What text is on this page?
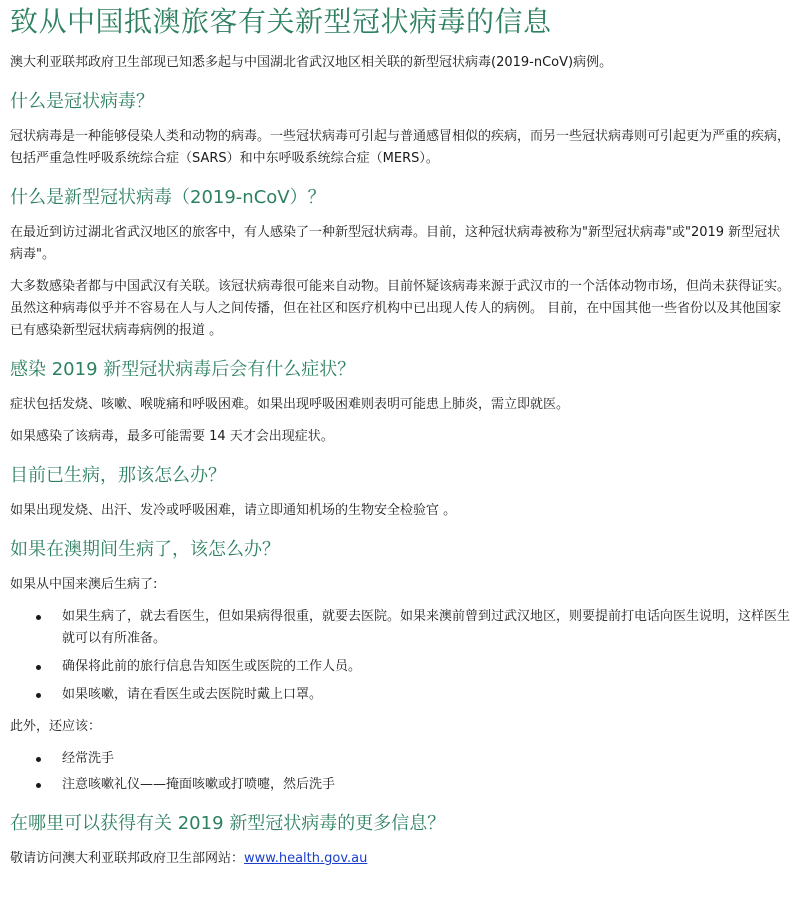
致从中国抵澳旅客有关新型冠状病毒的信息

澳大利亚联邦政府卫生部现已知悉多起与中国湖北省武汉地区相关联的新型冠状病毒(2019-nCoV)病例。

什么是冠状病毒？

冠状病毒是一种能够侵染人类和动物的病毒。一些冠状病毒可引起与普通感冒相似的疾病，而另一些冠状病毒则可引起更为严重的疾病，包括严重急性呼吸系统综合症（SARS）和中东呼吸系统综合症（MERS）。

什么是新型冠状病毒（2019-nCoV）？

在最近到访过湖北省武汉地区的旅客中，有人感染了一种新型冠状病毒。目前，这种冠状病毒被称为"新型冠状病毒"或"2019 新型冠状病毒"。

大多数感染者都与中国武汉有关联。该冠状病毒很可能来自动物。目前怀疑该病毒来源于武汉市的一个活体动物市场，但尚未获得证实。虽然这种病毒似乎并不容易在人与人之间传播，但在社区和医疗机构中已出现人传人的病例。 目前，在中国其他一些省份以及其他国家已有感染新型冠状病毒病例的报道 。

感染 2019 新型冠状病毒后会有什么症状？

症状包括发烧、咳嗽、喉咙痛和呼吸困难。如果出现呼吸困难则表明可能患上肺炎，需立即就医。

如果感染了该病毒，最多可能需要 14 天才会出现症状。

目前已生病，那该怎么办？

如果出现发烧、出汗、发冷或呼吸困难，请立即通知机场的生物安全检验官 。

如果在澳期间生病了，该怎么办？

如果从中国来澳后生病了:

如果生病了，就去看医生，但如果病得很重，就要去医院。如果来澳前曾到过武汉地区，则要提前打电话向医生说明，这样医生就可以有所准备。
确保将此前的旅行信息告知医生或医院的工作人员。
如果咳嗽，请在看医生或去医院时戴上口罩。

此外，还应该：

经常洗手
注意咳嗽礼仪——掩面咳嗽或打喷嚏，然后洗手
在哪里可以获得有关 2019 新型冠状病毒的更多信息？

敬请访问澳大利亚联邦政府卫生部网站：www.health.gov.au
